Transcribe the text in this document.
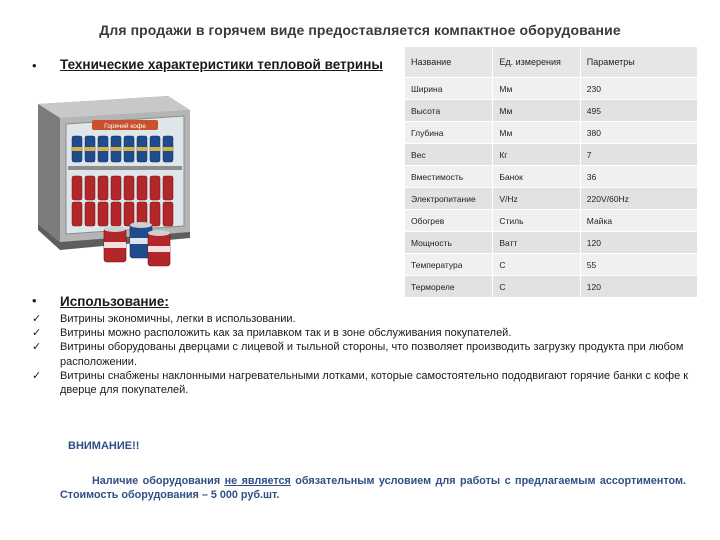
Для продажи в горячем виде предоставляется компактное оборудование
• Технические характеристики тепловой ветрины
Горячий кофе
Название	Ед. измерения	Параметры
Ширина	Мм	230
Высота	Мм	495
Глубина	Мм	380
Вес	Кг	7
Вместимость	Банок	36
Электропитание	V/Hz	220V/60Hz
Обогрев	Стиль	Майка
Мощность	Ватт	120
Температура	С	55
Термореле	С	120
• Использование:
✓ Витрины экономичны, легки в использовании.
✓ Витрины можно расположить как за прилавком так и в зоне обслуживания покупателей.
✓ Витрины оборудованы дверцами с лицевой и тыльной стороны, что позволяет производить загрузку продукта при любом расположении.
✓ Витрины снабжены наклонными нагревательными лотками, которые самостоятельно пододвигают горячие банки с кофе к дверце для покупателей.
ВНИМАНИЕ!!
Наличие оборудования не является обязательным условием для работы с предлагаемым ассортиментом. Стоимость оборудования – 5 000 руб.шт.
